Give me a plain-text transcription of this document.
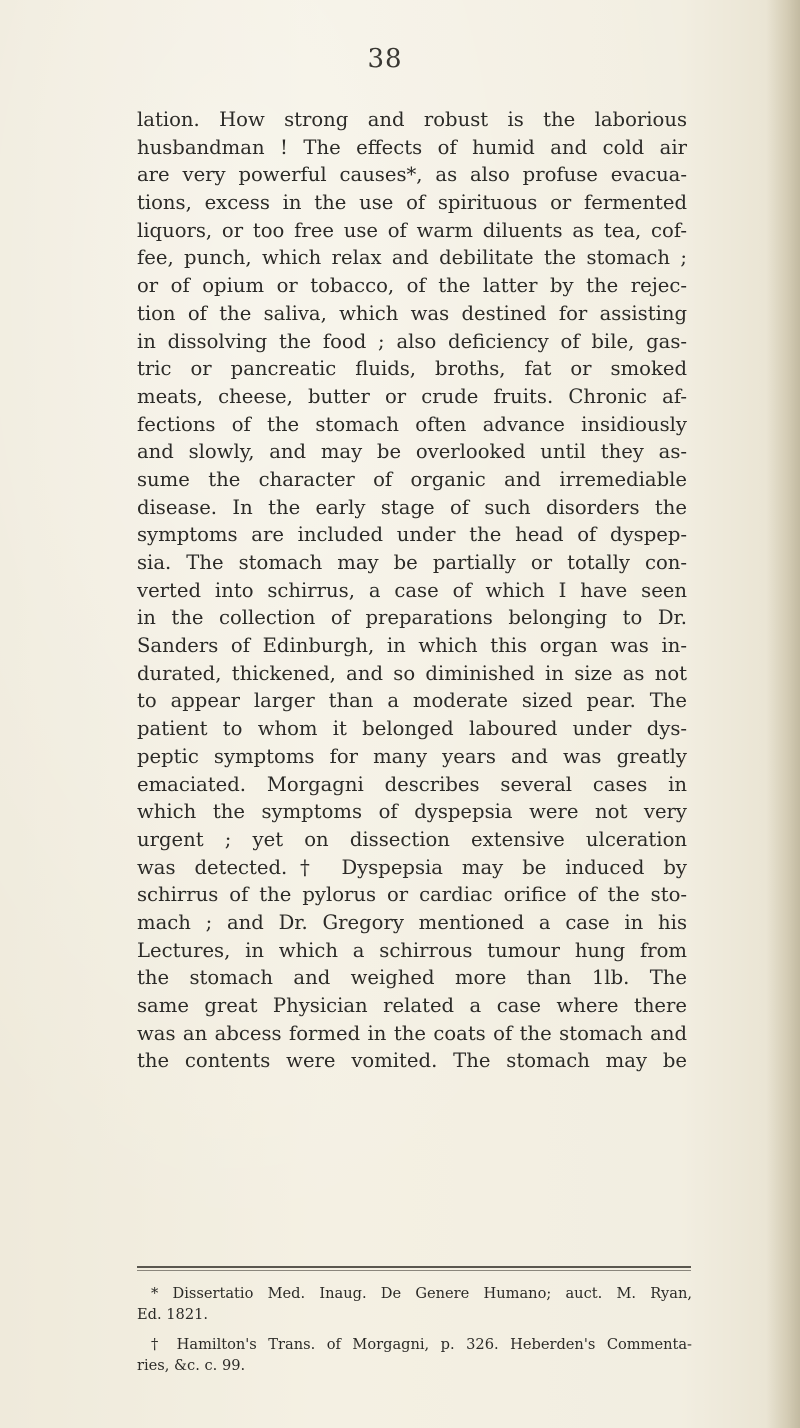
38
lation. How strong and robust is the laborious
husbandman ! The effects of humid and cold air
are very powerful causes*, as also profuse evacua-
tions, excess in the use of spirituous or fermented
liquors, or too free use of warm diluents as tea, cof-
fee, punch, which relax and debilitate the stomach ;
or of opium or tobacco, of the latter by the rejec-
tion of the saliva, which was destined for assisting
in dissolving the food ; also deficiency of bile, gas-
tric or pancreatic fluids, broths, fat or smoked
meats, cheese, butter or crude fruits. Chronic af-
fections of the stomach often advance insidiously
and slowly, and may be overlooked until they as-
sume the character of organic and irremediable
disease. In the early stage of such disorders the
symptoms are included under the head of dyspep-
sia. The stomach may be partially or totally con-
verted into schirrus, a case of which I have seen
in the collection of preparations belonging to Dr.
Sanders of Edinburgh, in which this organ was in-
durated, thickened, and so diminished in size as not
to appear larger than a moderate sized pear. The
patient to whom it belonged laboured under dys-
peptic symptoms for many years and was greatly
emaciated. Morgagni describes several cases in
which the symptoms of dyspepsia were not very
urgent ; yet on dissection extensive ulceration
was detected.† Dyspepsia may be induced by
schirrus of the pylorus or cardiac orifice of the sto-
mach ; and Dr. Gregory mentioned a case in his
Lectures, in which a schirrous tumour hung from
the stomach and weighed more than 1lb. The
same great Physician related a case where there
was an abcess formed in the coats of the stomach and
the contents were vomited. The stomach may be
* Dissertatio Med. Inaug. De Genere Humano; auct. M. Ryan,
Ed. 1821.
† Hamilton's Trans. of Morgagni, p. 326. Heberden's Commenta-
ries, &c. c. 99.
